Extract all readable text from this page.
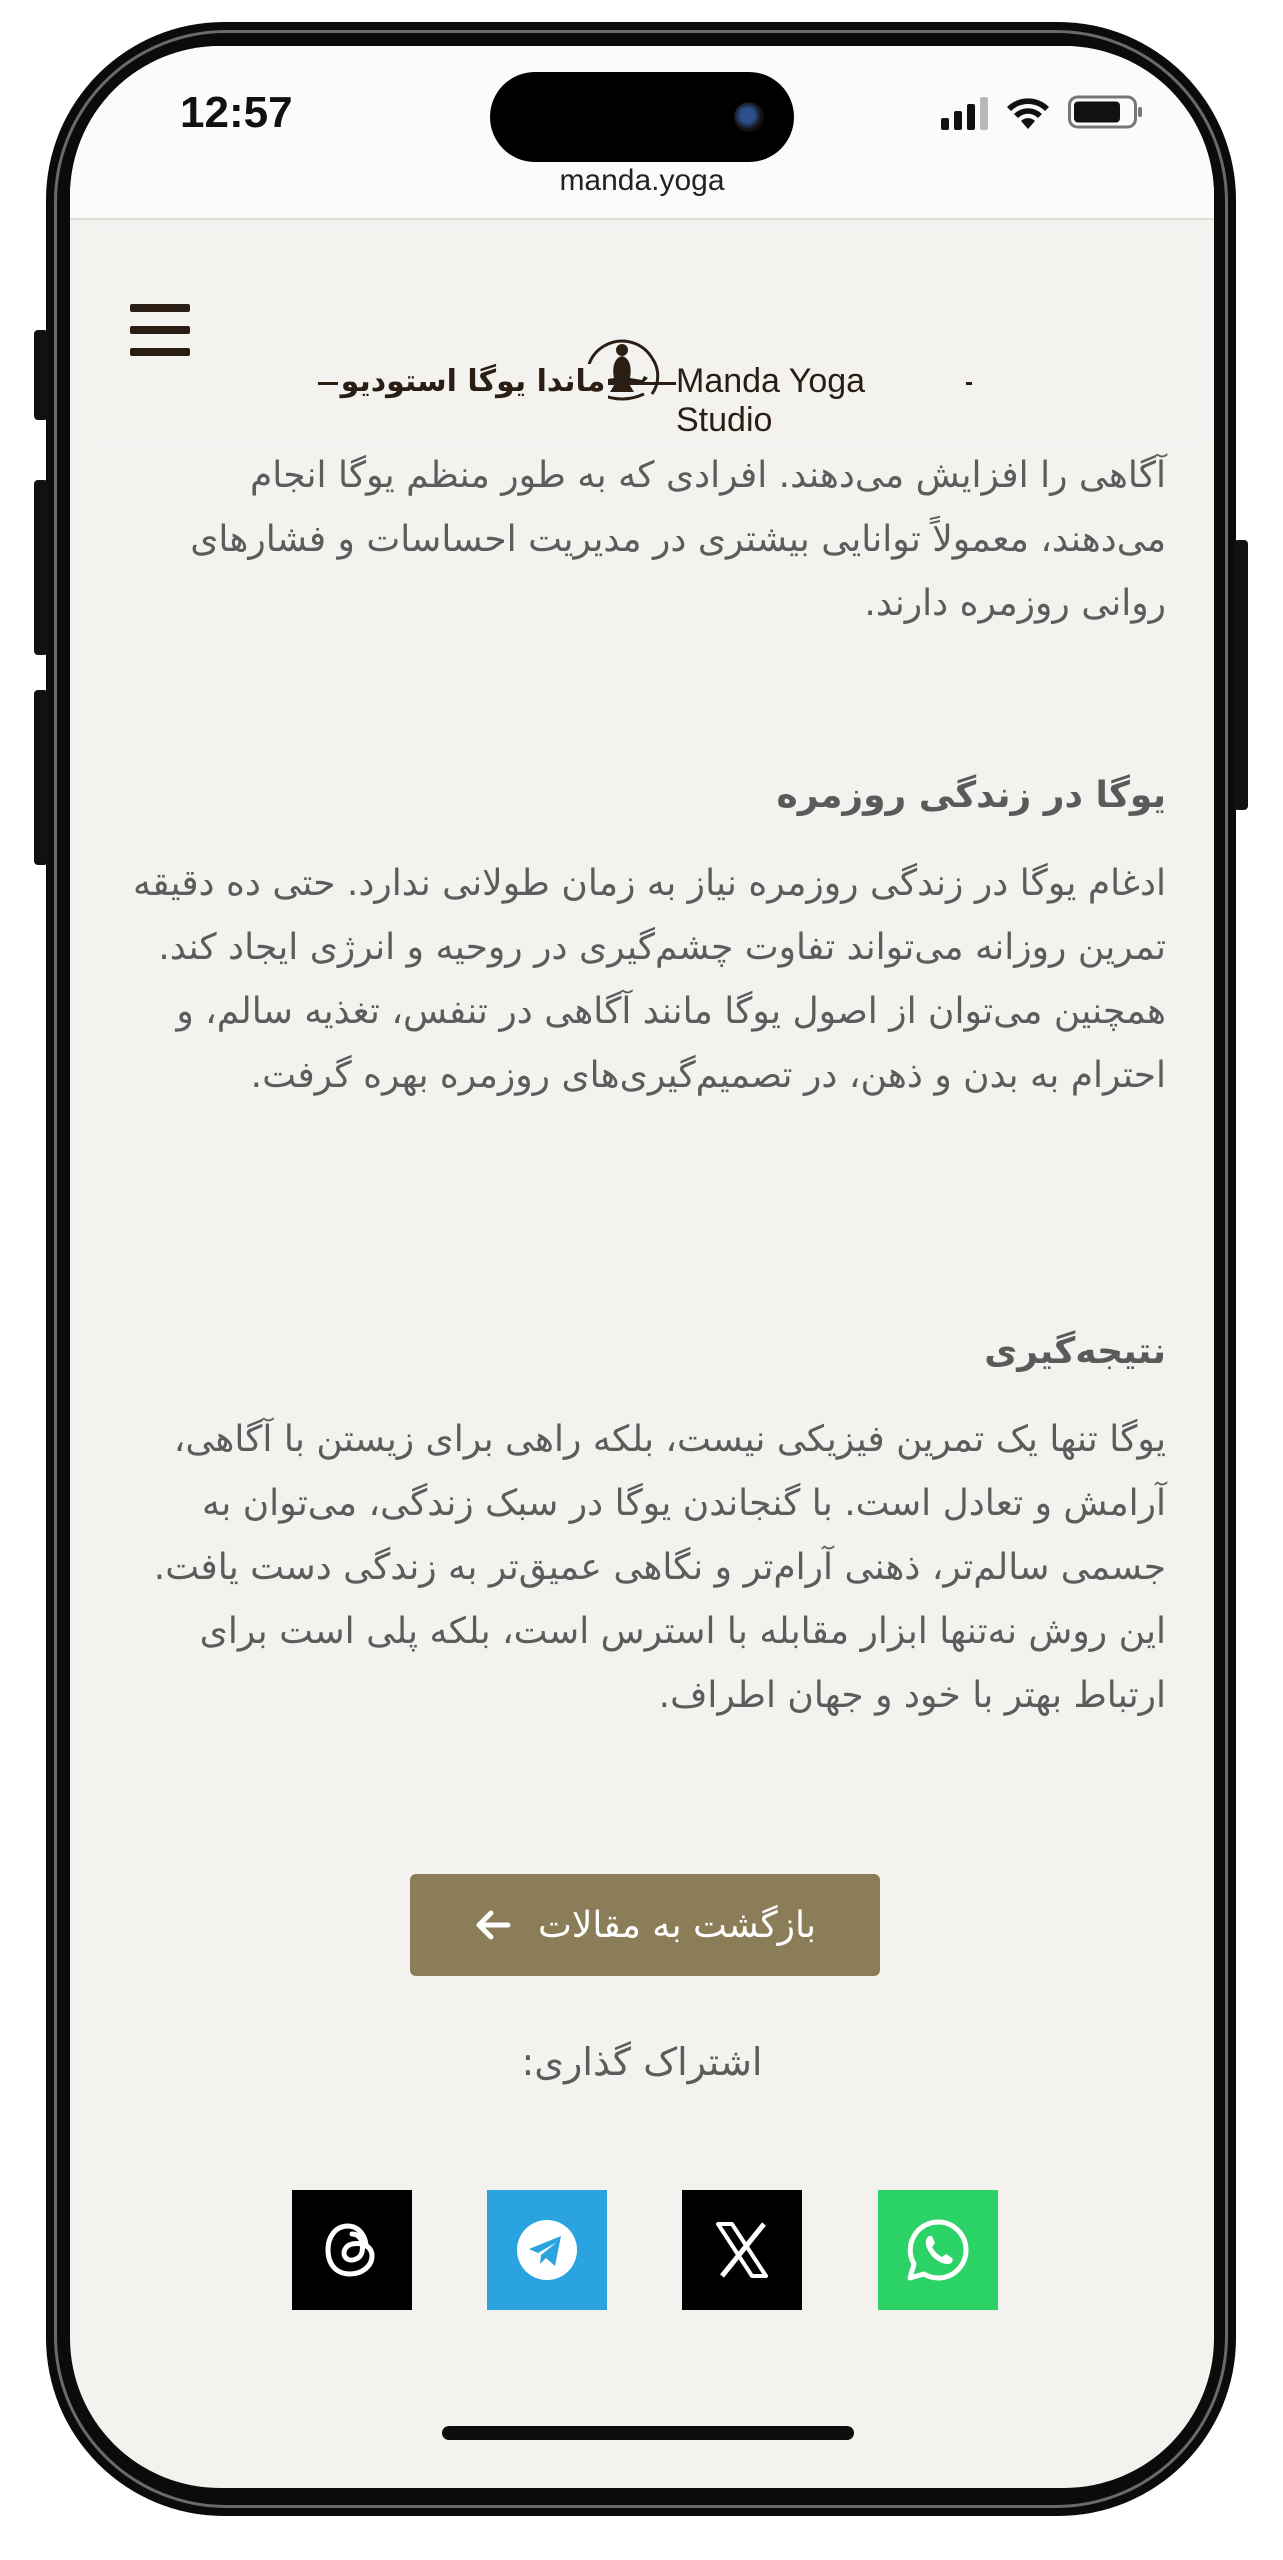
12:57
manda.yoga

آگاهی را افزایش می‌دهند. افرادی که به طور منظم یوگا انجام می‌دهند، معمولاً توانایی بیشتری در مدیریت احساسات و فشارهای روانی روزمره دارند.

یوگا در زندگی روزمره

ادغام یوگا در زندگی روزمره نیاز به زمان طولانی ندارد. حتی ده دقیقه تمرین روزانه می‌تواند تفاوت چشم‌گیری در روحیه و انرژی ایجاد کند. همچنین می‌توان از اصول یوگا مانند آگاهی در تنفس، تغذیه سالم، و احترام به بدن و ذهن، در تصمیم‌گیری‌های روزمره بهره گرفت.

نتیجه‌گیری

یوگا تنها یک تمرین فیزیکی نیست، بلکه راهی برای زیستن با آگاهی، آرامش و تعادل است. با گنجاندن یوگا در سبک زندگی، می‌توان به جسمی سالم‌تر، ذهنی آرام‌تر و نگاهی عمیق‌تر به زندگی دست یافت. این روش نه‌تنها ابزار مقابله با استرس است، بلکه پلی است برای ارتباط بهتر با خود و جهان اطراف.

ماندا یوگا استودیو Manda Yoga Studio
بازگشت به مقالات
اشتراک گذاری:
